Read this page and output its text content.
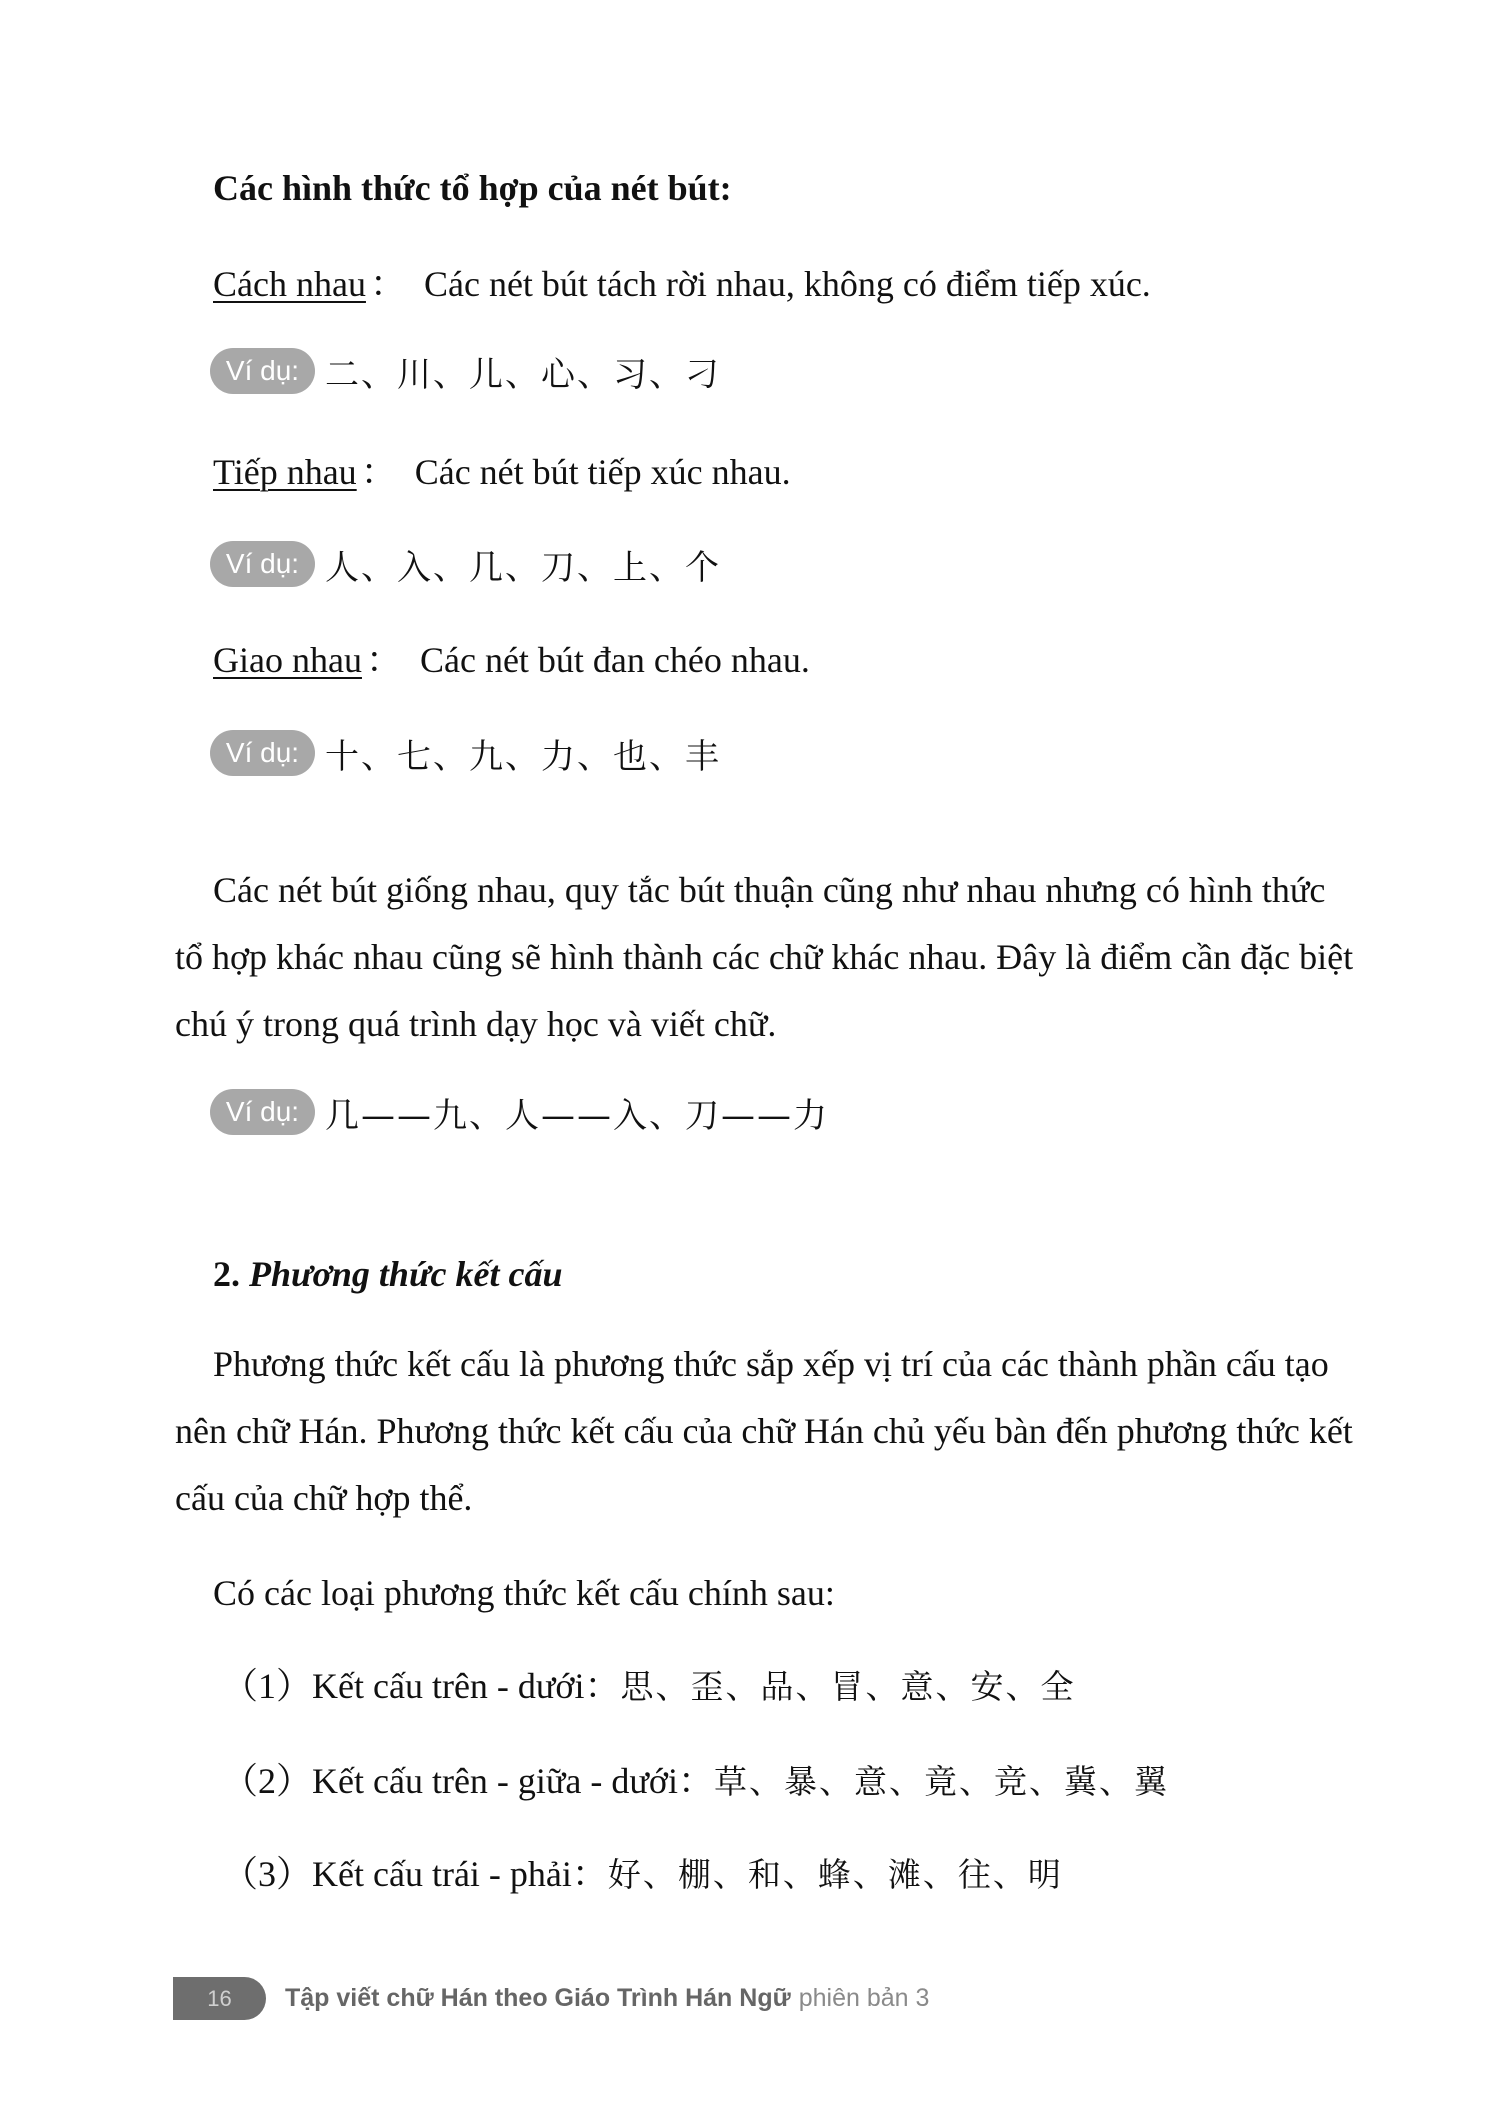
Các hình thức tổ hợp của nét bút:
Cách nhau ： Các nét bút tách rời nhau, không có điểm tiếp xúc.
Ví dụ: 二、川、儿、心、习、刁
Tiếp nhau ： Các nét bút tiếp xúc nhau.
Ví dụ: 人、入、几、刀、上、个
Giao nhau ： Các nét bút đan chéo nhau.
Ví dụ: 十、七、九、力、也、丰
Các nét bút giống nhau, quy tắc bút thuận cũng như nhau nhưng có hình thức tổ hợp khác nhau cũng sẽ hình thành các chữ khác nhau. Đây là điểm cần đặc biệt chú ý trong quá trình dạy học và viết chữ.
Ví dụ: 几——九、人——入、刀——力
2. Phương thức kết cấu
Phương thức kết cấu là phương thức sắp xếp vị trí của các thành phần cấu tạo nên chữ Hán. Phương thức kết cấu của chữ Hán chủ yếu bàn đến phương thức kết cấu của chữ hợp thể.
Có các loại phương thức kết cấu chính sau:
（1）Kết cấu trên - dưới：思、歪、品、冒、意、安、全
（2）Kết cấu trên - giữa - dưới：草、暴、意、竟、竞、冀、翼
（3）Kết cấu trái - phải：好、棚、和、蜂、滩、往、明
16	Tập viết chữ Hán theo Giáo Trình Hán Ngữ phiên bản 3
